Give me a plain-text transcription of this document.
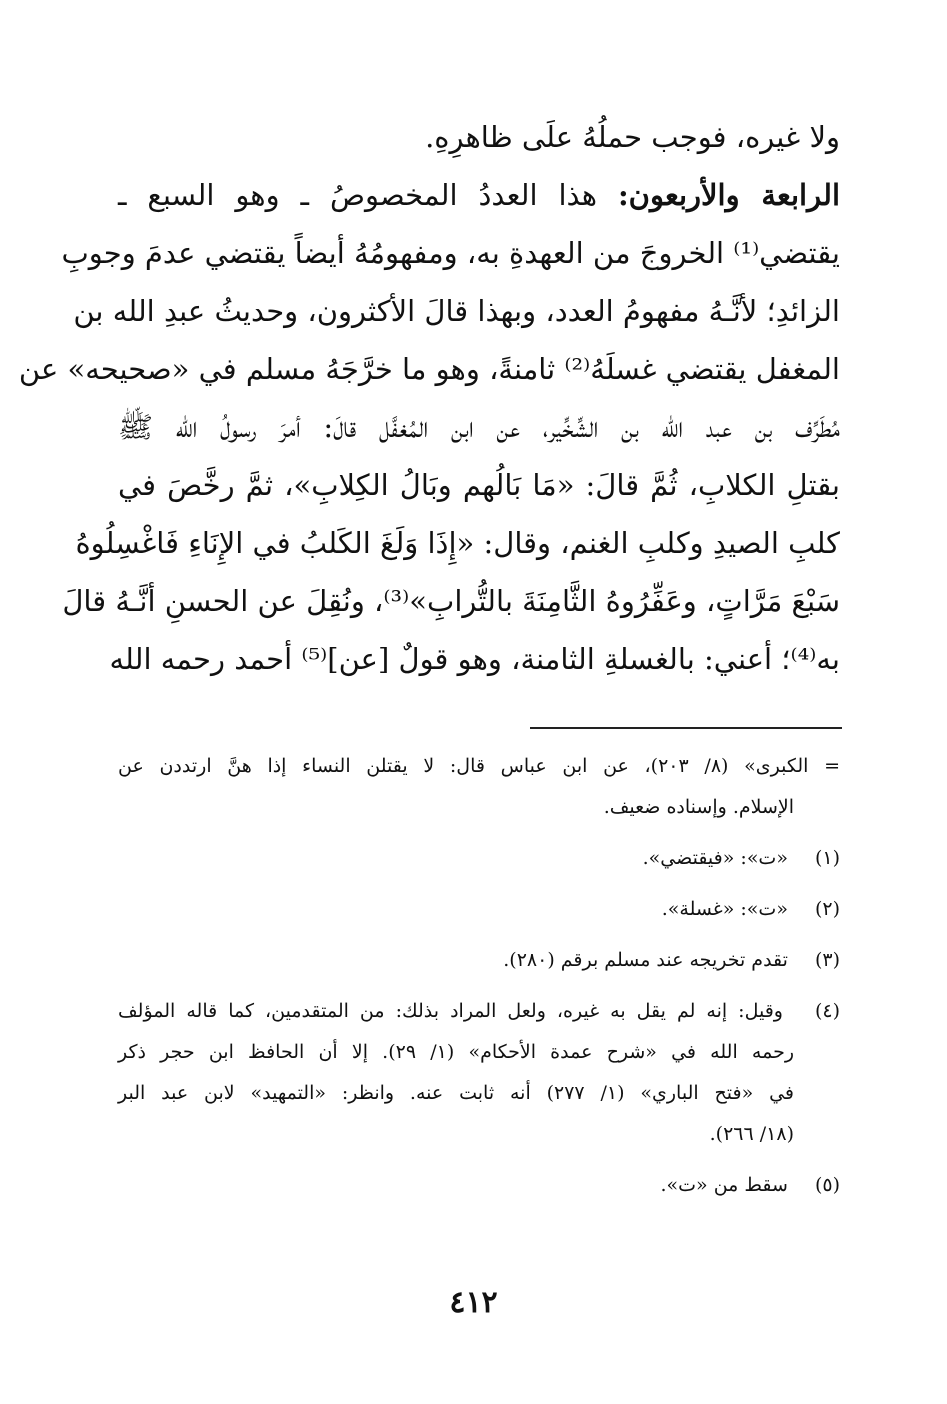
ولا غيره، فوجب حملُهُ علَى ظاهرِهِ.
الرابعة والأربعون: هذا العددُ المخصوصُ ـ وهو السبع ـ
يقتضي⁽¹⁾ الخروجَ من العهدةِ به، ومفهومُهُ أيضاً يقتضي عدمَ وجوبِ
الزائدِ؛ لأنَّـهُ مفهومُ العدد، وبهذا قالَ الأكثرون، وحديثُ عبدِ الله بن
المغفل يقتضي غسلَهُ⁽²⁾ ثامنةً، وهو ما خرَّجَهُ مسلم في «صحيحه» عن
مُطَرِّف بن عبد الله بن الشِّخِّير، عن ابن المُغفَّل قالَ: أمرَ رسولُ الله ﷺ
بقتلِ الكلابِ، ثُمَّ قالَ: «مَا بَالُهم وبَالُ الكِلابِ»، ثمَّ رخَّصَ في
كلبِ الصيدِ وكلبِ الغنم، وقال: «إِذَا وَلَغَ الكَلبُ في الإِنَاءِ فَاغْسِلُوهُ
سَبْعَ مَرَّاتٍ، وعَفِّرُوهُ الثَّامِنَةَ بالتُّرابِ»⁽³⁾، ونُقِلَ عن الحسنِ أنَّـهُ قالَ
به⁽⁴⁾؛ أعني: بالغسلةِ الثامنة، وهو قولٌ [عن]⁽⁵⁾ أحمد رحمه الله
= الكبرى» (٨/ ٢٠٣)، عن ابن عباس قال: لا يقتلن النساء إذا هنَّ ارتددن عن
الإسلام. وإسناده ضعيف.
(١) «ت»: «فيقتضي».
(٢) «ت»: «غسلة».
(٣) تقدم تخريجه عند مسلم برقم (٢٨٠).
(٤) وقيل: إنه لم يقل به غيره، ولعل المراد بذلك: من المتقدمين، كما قاله المؤلف
رحمه الله في «شرح عمدة الأحكام» (١/ ٢٩). إلا أن الحافظ ابن حجر ذكر
في «فتح الباري» (١/ ٢٧٧) أنه ثابت عنه. وانظر: «التمهيد» لابن عبد البر
(١٨/ ٢٦٦).
(٥) سقط من «ت».
٤١٢
